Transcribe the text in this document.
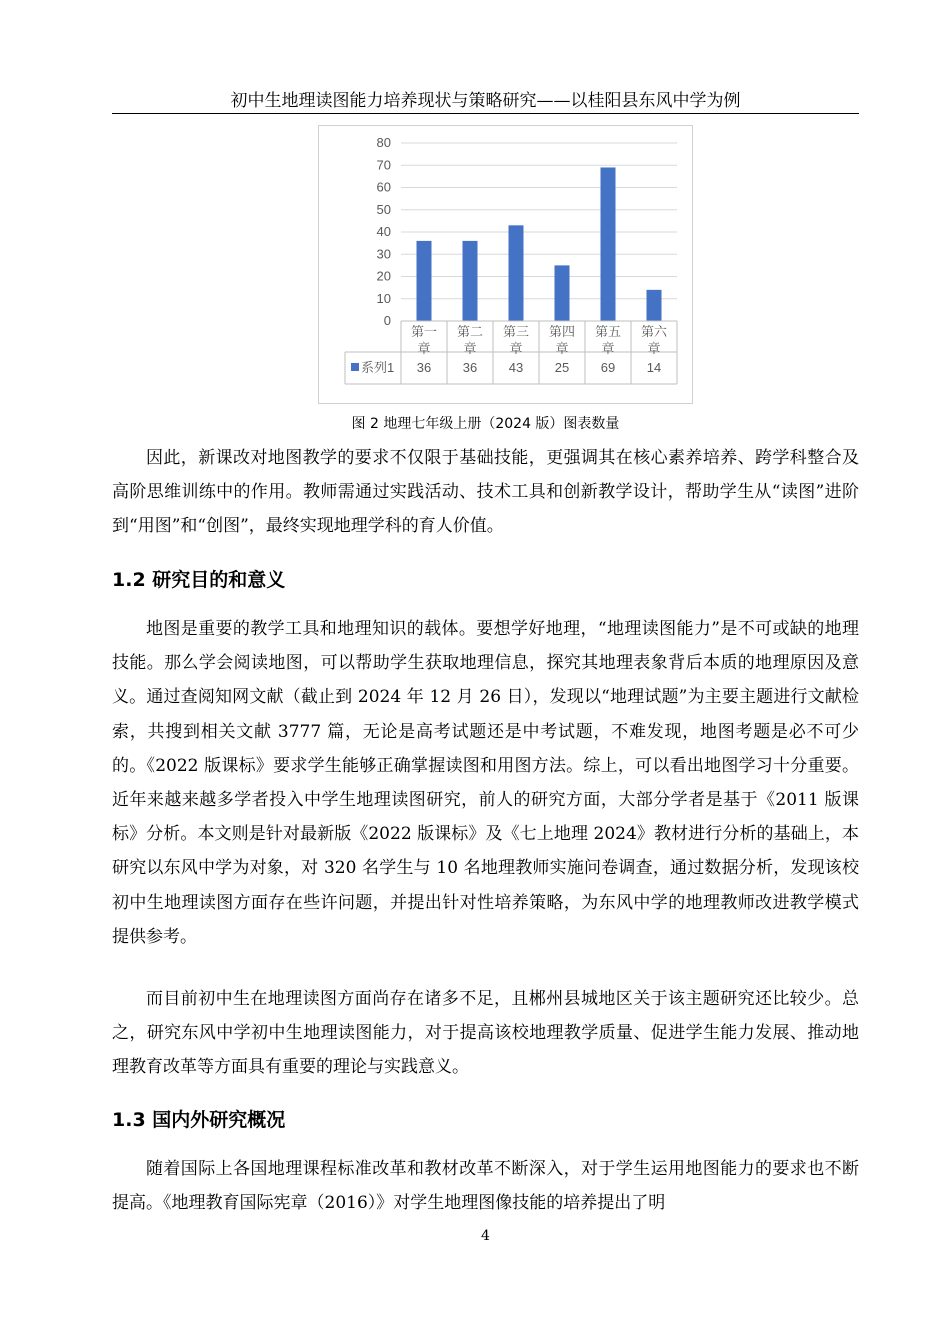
初中生地理读图能力培养现状与策略研究——以桂阳县东风中学为例
0
10
20
30
40
50
60
70
80
第一
章
第二
章
第三
章
第四
章
第五
章
第六
章
系列1 36 36 43 25 69 14
图 2 地理七年级上册（2024 版）图表数量

因此，新课改对地图教学的要求不仅限于基础技能，更强调其在核心素养培养、跨学科整合及高阶思维训练中的作用。教师需通过实践活动、技术工具和创新教学设计，帮助学生从“读图”进阶到“用图”和“创图”，最终实现地理学科的育人价值。

1.2 研究目的和意义

地图是重要的教学工具和地理知识的载体。要想学好地理，“地理读图能力”是不可或缺的地理技能。那么学会阅读地图，可以帮助学生获取地理信息，探究其地理表象背后本质的地理原因及意义。通过查阅知网文献（截止到 2024 年 12 月 26 日），发现以“地理试题”为主要主题进行文献检索，共搜到相关文献 3777 篇，无论是高考试题还是中考试题，不难发现，地图考题是必不可少的。《2022 版课标》要求学生能够正确掌握读图和用图方法。综上，可以看出地图学习十分重要。近年来越来越多学者投入中学生地理读图研究，前人的研究方面，大部分学者是基于《2011 版课标》分析。本文则是针对最新版《2022 版课标》及《七上地理 2024》教材进行分析的基础上，本研究以东风中学为对象，对 320 名学生与 10 名地理教师实施问卷调查，通过数据分析，发现该校初中生地理读图方面存在些许问题，并提出针对性培养策略，为东风中学的地理教师改进教学模式提供参考。

而目前初中生在地理读图方面尚存在诸多不足，且郴州县城地区关于该主题研究还比较少。总之，研究东风中学初中生地理读图能力，对于提高该校地理教学质量、促进学生能力发展、推动地理教育改革等方面具有重要的理论与实践意义。

1.3 国内外研究概况

随着国际上各国地理课程标准改革和教材改革不断深入，对于学生运用地图能力的要求也不断提高。《地理教育国际宪章（2016）》对学生地理图像技能的培养提出了明

4
